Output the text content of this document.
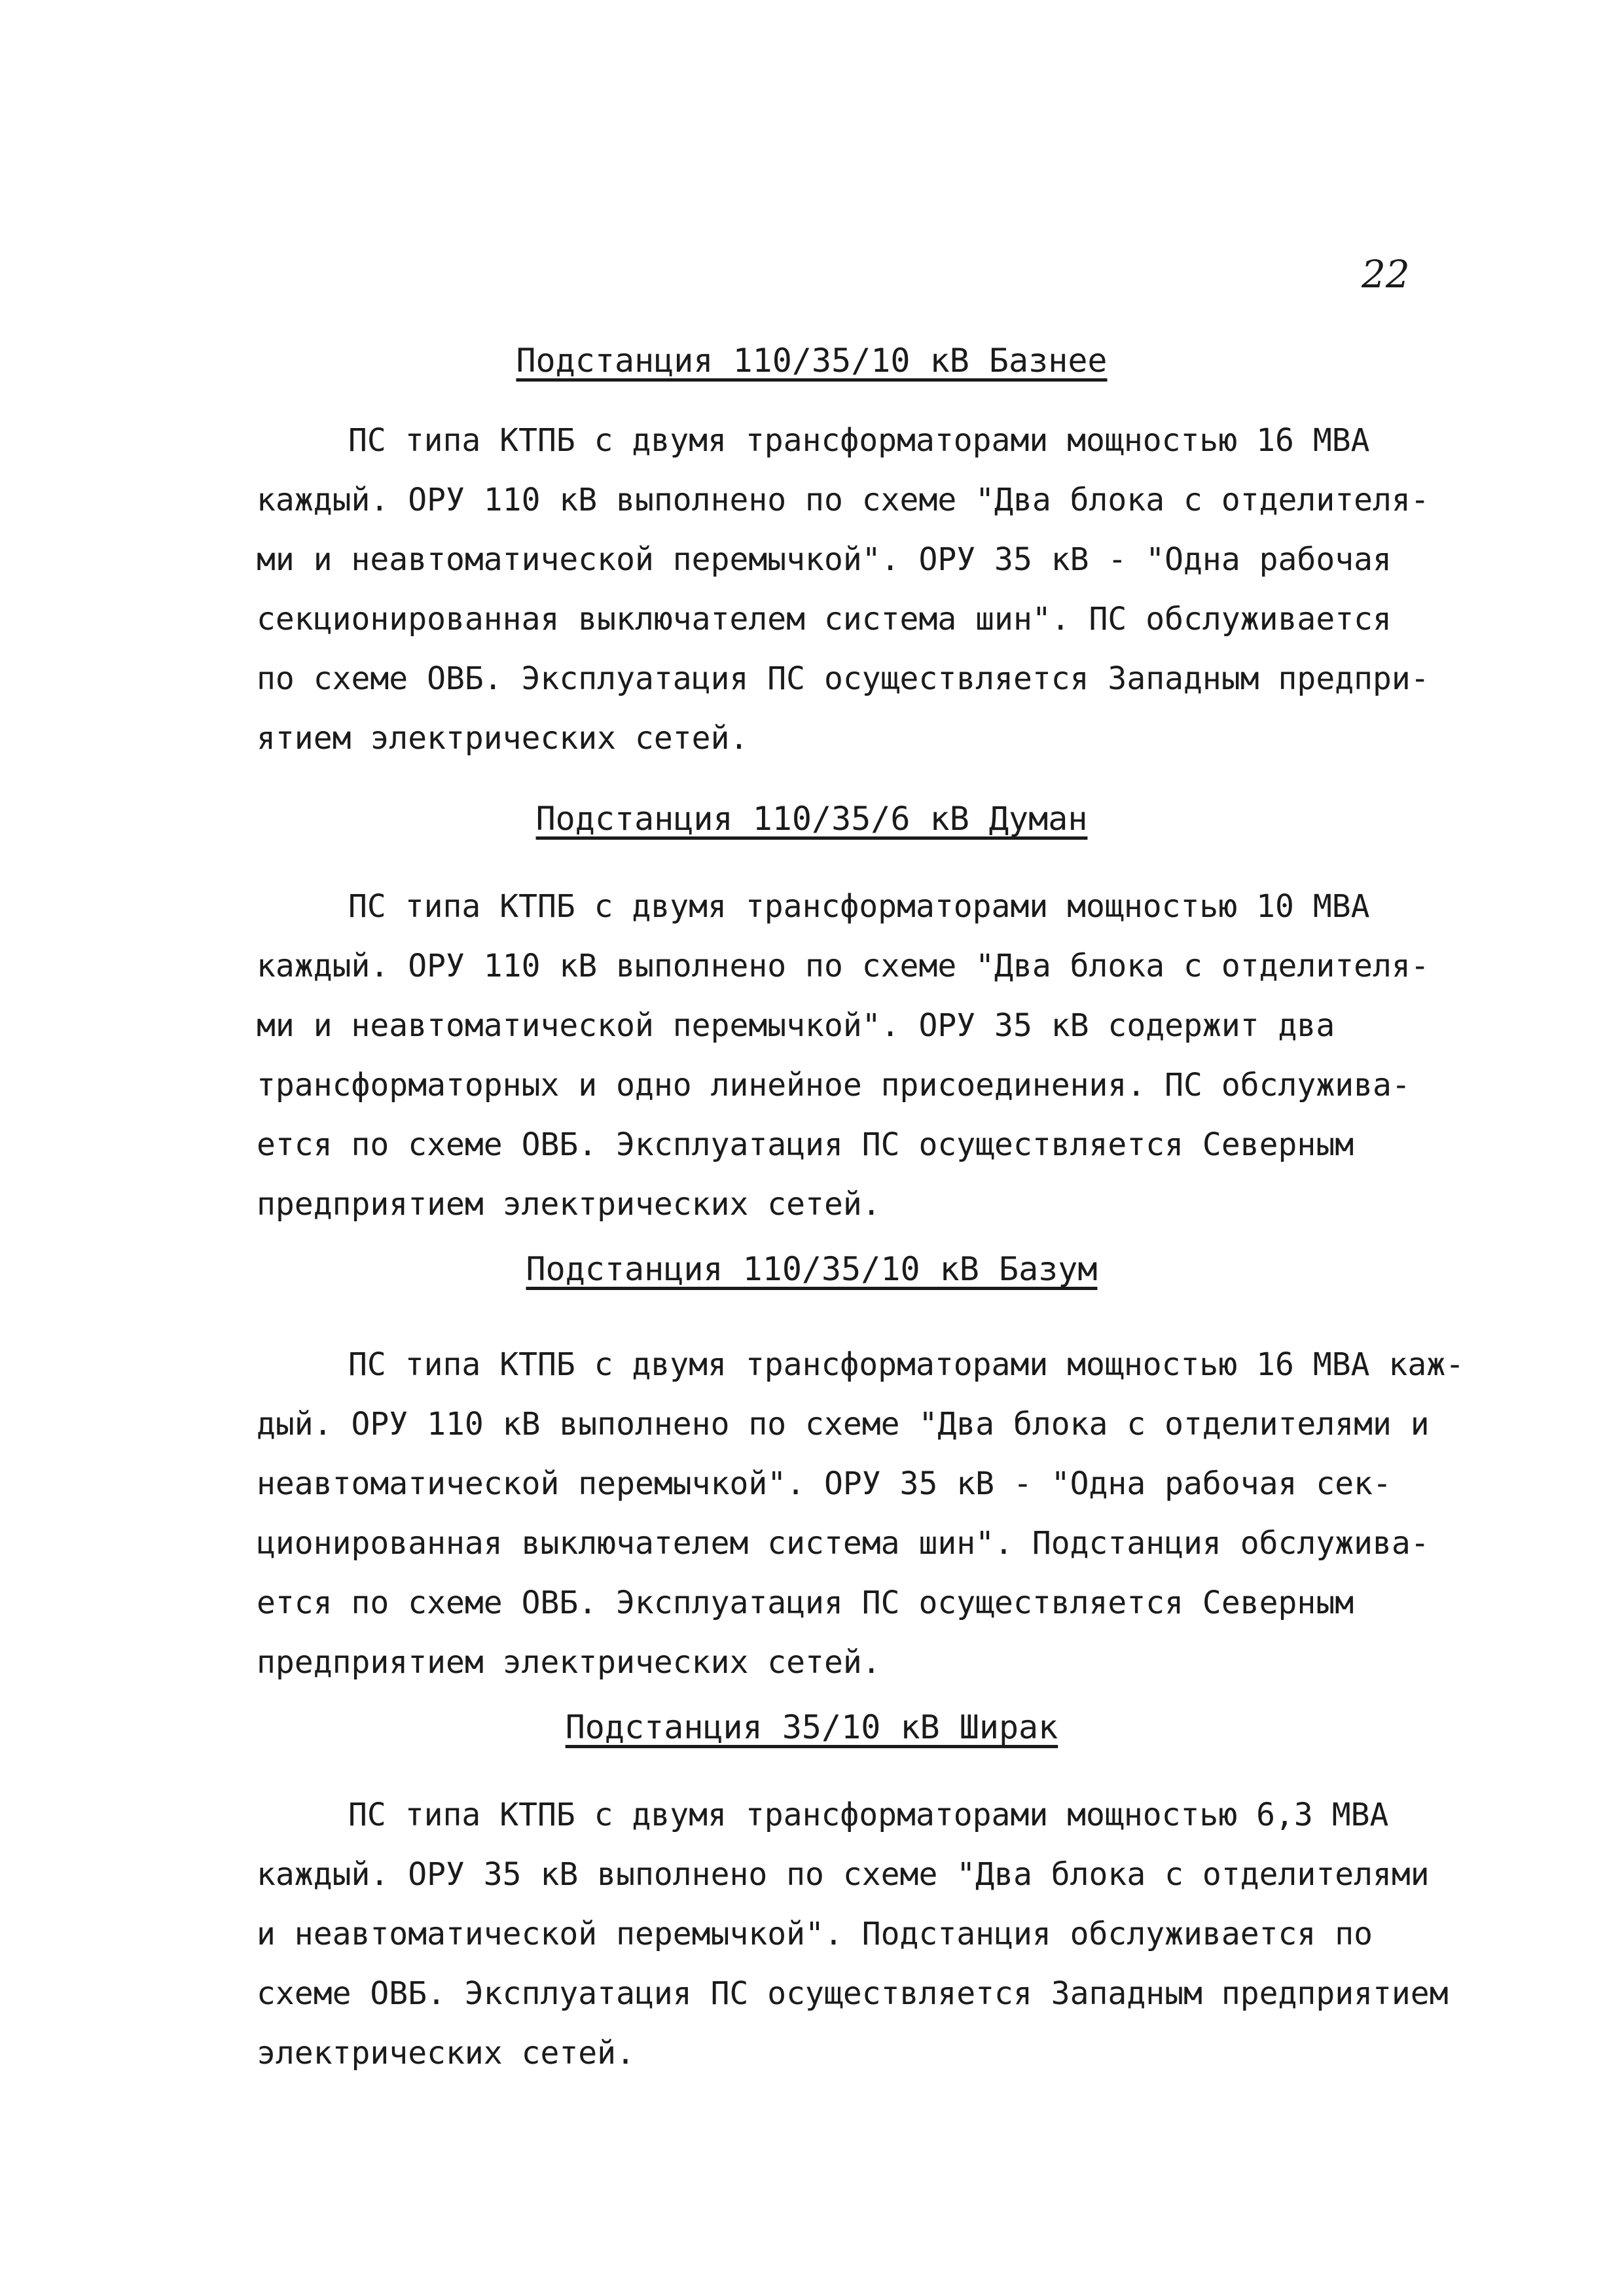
22
Подстанция 110/35/10 кВ Базнее

ПС типа КТПБ с двумя трансформаторами мощностью 16 МВА
каждый. ОРУ 110 кВ выполнено по схеме "Два блока с отделителя-
ми и неавтоматической перемычкой". ОРУ 35 кВ - "Одна рабочая
секционированная выключателем система шин". ПС обслуживается
по схеме ОВБ. Эксплуатация ПС осуществляется Западным предпри-
ятием электрических сетей.

Подстанция 110/35/6 кВ Думан

ПС типа КТПБ с двумя трансформаторами мощностью 10 МВА
каждый. ОРУ 110 кВ выполнено по схеме "Два блока с отделителя-
ми и неавтоматической перемычкой". ОРУ 35 кВ содержит два
трансформаторных и одно линейное присоединения. ПС обслужива-
ется по схеме ОВБ. Эксплуатация ПС осуществляется Северным
предприятием электрических сетей.

Подстанция 110/35/10 кВ Базум

ПС типа КТПБ с двумя трансформаторами мощностью 16 МВА каж-
дый. ОРУ 110 кВ выполнено по схеме "Два блока с отделителями и
неавтоматической перемычкой". ОРУ 35 кВ - "Одна рабочая сек-
ционированная выключателем система шин". Подстанция обслужива-
ется по схеме ОВБ. Эксплуатация ПС осуществляется Северным
предприятием электрических сетей.

Подстанция 35/10 кВ Ширак

ПС типа КТПБ с двумя трансформаторами мощностью 6,3 МВА
каждый. ОРУ 35 кВ выполнено по схеме "Два блока с отделителями
и неавтоматической перемычкой". Подстанция обслуживается по
схеме ОВБ. Эксплуатация ПС осуществляется Западным предприятием
электрических сетей.
